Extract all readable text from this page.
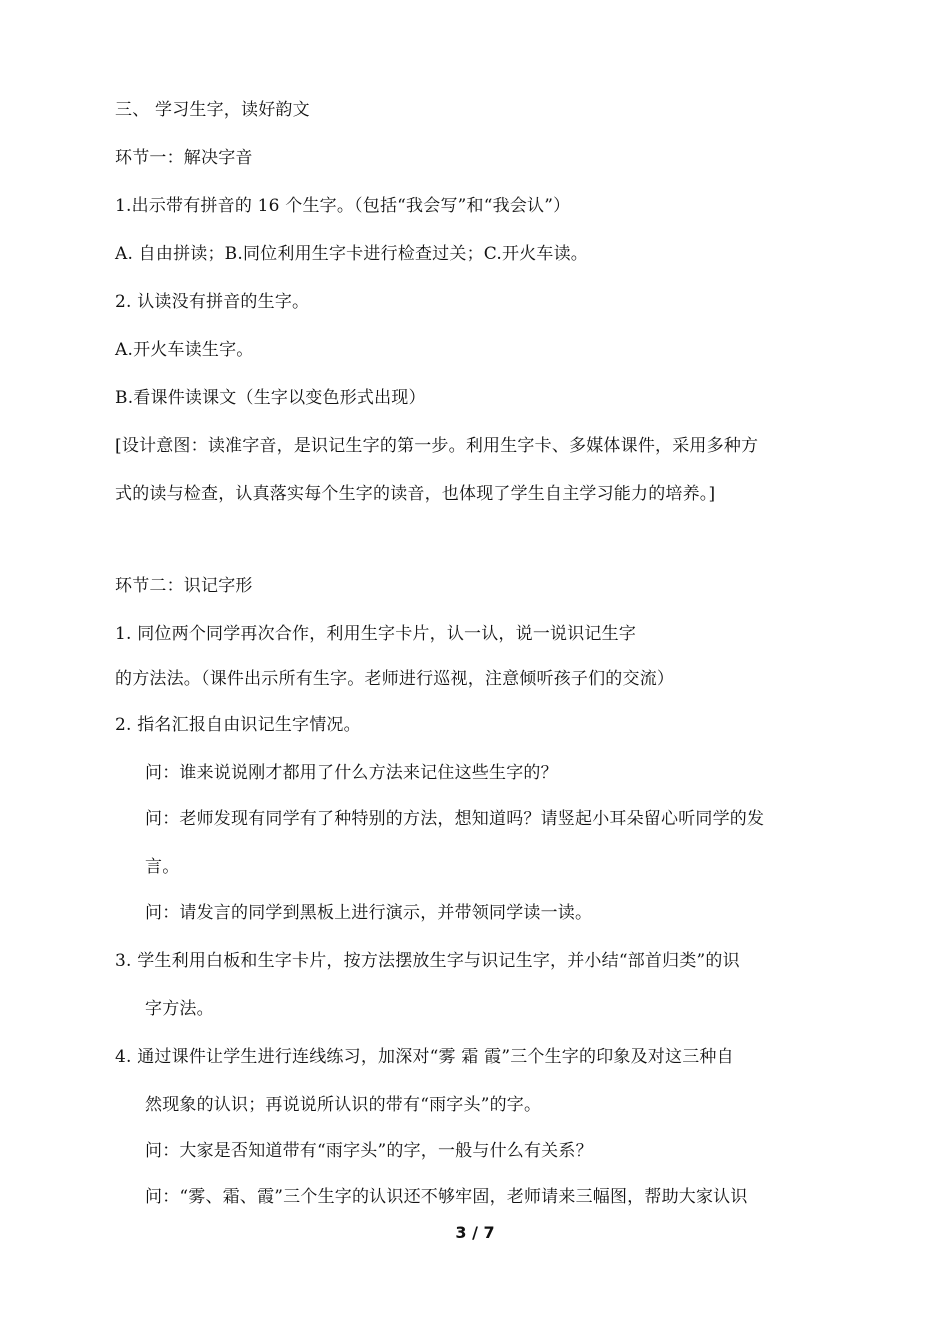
三、 学习生字，读好韵文
环节一：解决字音
1.出示带有拼音的 16 个生字。（包括“我会写”和“我会认”）
A. 自由拼读；B.同位利用生字卡进行检查过关；C.开火车读。
2. 认读没有拼音的生字。
A.开火车读生字。
B.看课件读课文（生字以变色形式出现）
[设计意图：读准字音，是识记生字的第一步。利用生字卡、多媒体课件，采用多种方
式的读与检查，认真落实每个生字的读音，也体现了学生自主学习能力的培养。]
环节二：识记字形
1. 同位两个同学再次合作，利用生字卡片，认一认，说一说识记生字
的方法法。（课件出示所有生字。老师进行巡视，注意倾听孩子们的交流）
2. 指名汇报自由识记生字情况。
问：谁来说说刚才都用了什么方法来记住这些生字的？
问：老师发现有同学有了种特别的方法，想知道吗？请竖起小耳朵留心听同学的发
言。
问：请发言的同学到黑板上进行演示，并带领同学读一读。
3. 学生利用白板和生字卡片，按方法摆放生字与识记生字，并小结“部首归类”的识
字方法。
4. 通过课件让学生进行连线练习，加深对“雾 霜 霞”三个生字的印象及对这三种自
然现象的认识；再说说所认识的带有“雨字头”的字。
问：大家是否知道带有“雨字头”的字，一般与什么有关系？
问：“雾、霜、霞”三个生字的认识还不够牢固，老师请来三幅图，帮助大家认识
3 / 7
